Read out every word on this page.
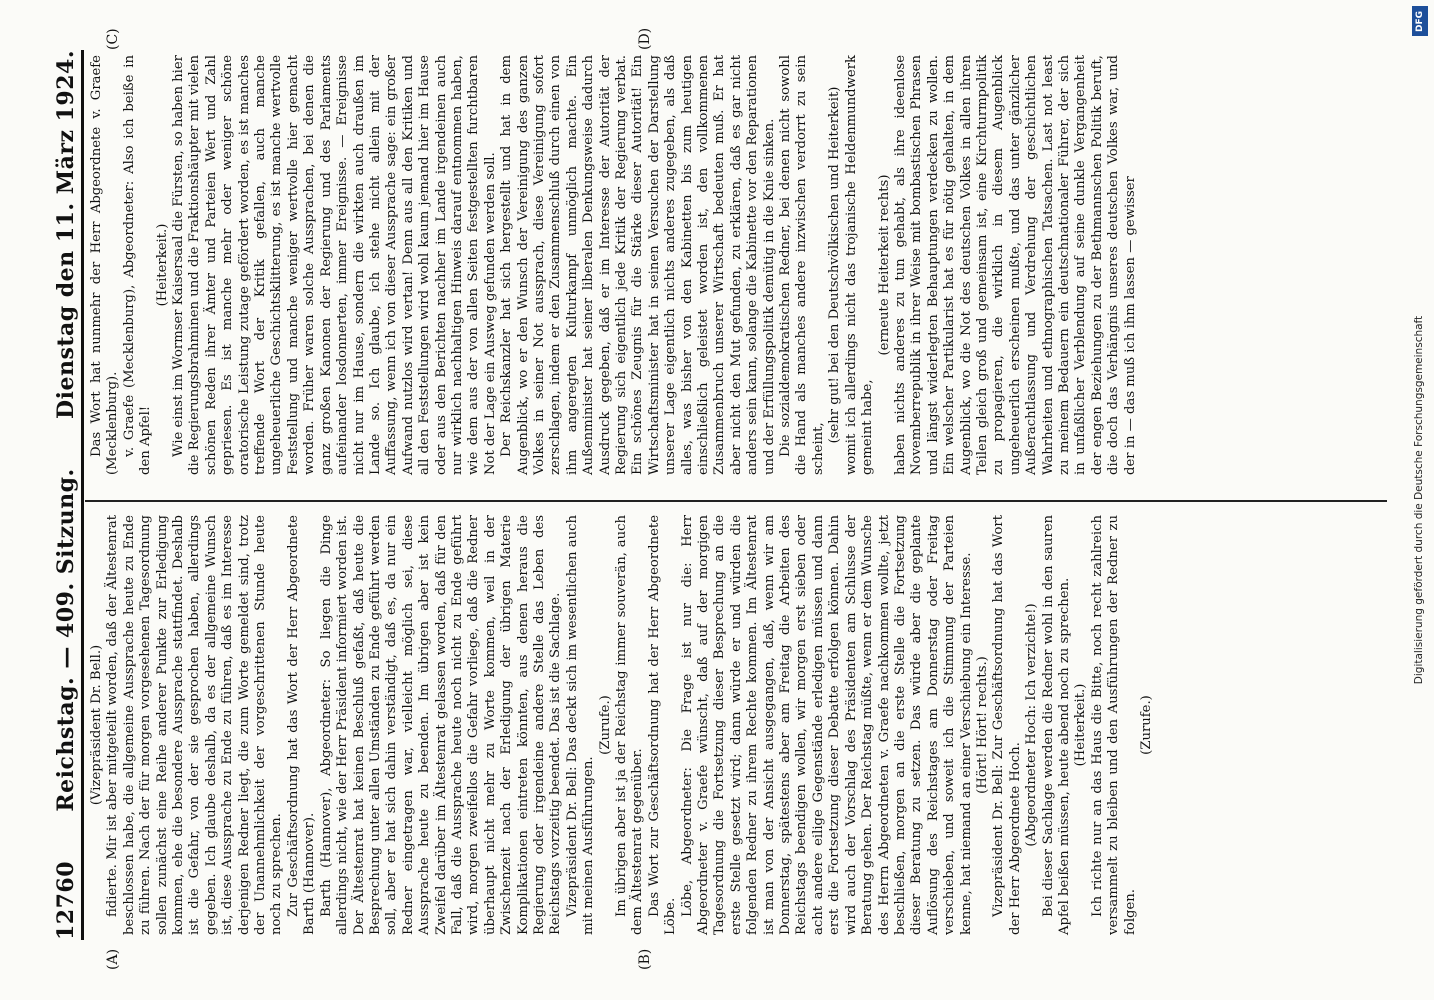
12760
Reichstag. — 409. Sitzung.
Dienstag den 11. März 1924.
(A)	(B)
(C)	(D)

(Vizepräsident Dr. Bell.) fidierte. Mir ist aber mitgeteilt worden, daß der Ältestenrat beschlossen habe, die allgemeine Aussprache heute zu Ende zu führen. Nach der für morgen vorgesehenen Tagesordnung sollen zunächst eine Reihe anderer Punkte zur Erledigung kommen, ehe die besondere Aussprache stattfindet. Deshalb ist die Gefahr, von der sie gesprochen haben, allerdings gegeben. Ich glaube deshalb, da es der allgemeine Wunsch ist, diese Aussprache zu Ende zu führen, daß es im Interesse derjenigen Redner liegt, die zum Worte gemeldet sind, trotz der Unannehmlichkeit der vorgeschrittenen Stunde heute noch zu sprechen. Zur Geschäftsordnung hat das Wort der Herr Abgeordnete Barth (Hannover). Barth (Hannover), Abgeordneter: So liegen die Dinge allerdings nicht, wie der Herr Präsident informiert worden ist. Der Ältestenrat hat keinen Beschluß gefaßt, daß heute die Besprechung unter allen Umständen zu Ende geführt werden soll, aber er hat sich dahin verständigt, daß es, da nur ein Redner eingetragen war, vielleicht möglich sei, diese Aussprache heute zu beenden. Im übrigen aber ist kein Zweifel darüber im Ältestenrat gelassen worden, daß für den Fall, daß die Aussprache heute noch nicht zu Ende geführt wird, morgen zweifellos die Gefahr vorliege, daß die Redner überhaupt nicht mehr zu Worte kommen, weil in der Zwischenzeit nach der Erledigung der übrigen Materie Komplikationen eintreten könnten, aus denen heraus die Regierung oder irgendeine andere Stelle das Leben des Reichstags vorzeitig beendet. Das ist die Sachlage. Vizepräsident Dr. Bell: Das deckt sich im wesentlichen auch mit meinen Ausführungen.

(Zurufe.) Im übrigen aber ist ja der Reichstag immer souverän, auch dem Ältestenrat gegenüber. Das Wort zur Geschäftsordnung hat der Herr Abgeordnete Löbe. Löbe, Abgeordneter: Die Frage ist nur die: Herr Abgeordneter v. Graefe wünscht, daß auf der morgigen Tagesordnung die Fortsetzung dieser Besprechung an die erste Stelle gesetzt wird; dann würde er und würden die folgenden Redner zu ihrem Rechte kommen. Im Ältestenrat ist man von der Ansicht ausgegangen, daß, wenn wir am Donnerstag, spätestens aber am Freitag die Arbeiten des Reichstags beendigen wollen, wir morgen erst sieben oder acht andere eilige Gegenstände erledigen müssen und dann erst die Fortsetzung dieser Debatte erfolgen können. Dahin wird auch der Vorschlag des Präsidenten am Schlusse der Beratung gehen. Der Reichstag müßte, wenn er dem Wunsche des Herrn Abgeordneten v. Graefe nachkommen wollte, jetzt beschließen, morgen an die erste Stelle die Fortsetzung dieser Beratung zu setzen. Das würde aber die geplante Auflösung des Reichstages am Donnerstag oder Freitag verschieben, und soweit ich die Stimmung der Parteien kenne, hat niemand an einer Verschiebung ein Interesse. (Hört! Hört! rechts.) Vizepräsident Dr. Bell: Zur Geschäftsordnung hat das Wort der Herr Abgeordnete Hoch. (Abgeordneter Hoch: Ich verzichte!) Bei dieser Sachlage werden die Redner wohl in den sauren Apfel beißen müssen, heute abend noch zu sprechen. (Heiterkeit.) Ich richte nur an das Haus die Bitte, noch recht zahlreich versammelt zu bleiben und den Ausführungen der Redner zu folgen.

(Zurufe.)

Das Wort hat nunmehr der Herr Abgeordnete v. Graefe (Mecklenburg). v. Graefe (Mecklenburg), Abgeordneter: Also ich beiße in den Apfel!

(Heiterkeit.) Wie einst im Wormser Kaisersaal die Fürsten, so haben hier die Regierungsbrahminen und die Fraktionshäupter mit vielen schönen Reden ihrer Ämter und Parteien Wert und Zahl gepriesen. Es ist manche mehr oder weniger schöne oratorische Leistung zutage gefördert worden, es ist manches treffende Wort der Kritik gefallen, auch manche ungeheuerliche Geschichtsklitterung, es ist manche wertvolle Feststellung und manche weniger wertvolle hier gemacht worden. Früher waren solche Aussprachen, bei denen die ganz großen Kanonen der Regierung und des Parlaments aufeinander losdonnerten, immer Ereignisse. — Ereignisse nicht nur im Hause, sondern die wirkten auch draußen im Lande so. Ich glaube, ich stehe nicht allein mit der Auffassung, wenn ich von dieser Aussprache sage: ein großer Aufwand nutzlos wird vertan! Denn aus all den Kritiken und all den Feststellungen wird wohl kaum jemand hier im Hause oder aus den Berichten nachher im Lande irgendeinen auch nur wirklich nachhaltigen Hinweis darauf entnommen haben, wie dem aus der von allen Seiten festgestellten furchtbaren Not der Lage ein Ausweg gefunden werden soll. Der Reichskanzler hat sich hergestellt und hat in dem Augenblick, wo er den Wunsch der Vereinigung des ganzen Volkes in seiner Not aussprach, diese Vereinigung sofort zerschlagen, indem er den Zusammenschluß durch einen von ihm angeregten Kulturkampf unmöglich machte. Ein Außenminister hat seiner liberalen Denkungsweise dadurch Ausdruck gegeben, daß er im Interesse der Autorität der Regierung sich eigentlich jede Kritik der Regierung verbat. Ein schönes Zeugnis für die Stärke dieser Autorität! Ein Wirtschaftsminister hat in seinen Versuchen der Darstellung unserer Lage eigentlich nichts anderes zugegeben, als daß alles, was bisher von den Kabinetten bis zum heutigen einschließlich geleistet worden ist, den vollkommenen Zusammenbruch unserer Wirtschaft bedeuten muß. Er hat aber nicht den Mut gefunden, zu erklären, daß es gar nicht anders sein kann, solange die Kabinette vor den Reparationen und der Erfüllungspolitik demütig in die Knie sinken. Die sozialdemokratischen Redner, bei denen nicht sowohl die Hand als manches andere inzwischen verdorrt zu sein scheint,

(sehr gut! bei den Deutschvölkischen und Heiterkeit) womit ich allerdings nicht das trojanische Heldenmundwerk gemeint habe,

(erneute Heiterkeit rechts) haben nichts anderes zu tun gehabt, als ihre ideenlose Novemberrepublik in ihrer Weise mit bombastischen Phrasen und längst widerlegten Behauptungen verdecken zu wollen. Ein welscher Partikularist hat es für nötig gehalten, in dem Augenblick, wo die Not des deutschen Volkes in allen ihren Teilen gleich groß und gemeinsam ist, eine Kirchturmpolitik zu propagieren, die wirklich in diesem Augenblick ungeheuerlich erscheinen mußte, und das unter gänzlicher Außerachtlassung und Verdrehung der geschichtlichen Wahrheiten und ethnographischen Tatsachen. Last not least zu meinem Bedauern ein deutschnationaler Führer, der sich in unfaßlicher Verblendung auf seine dunkle Vergangenheit der engen Beziehungen zu der Bethmannschen Politik beruft, die doch das Verhängnis unseres deutschen Volkes war, und der in — das muß ich ihm lassen — gewisser	Digitalisierung gefördert durch die Deutsche Forschungsgemeinschaft
DFG
